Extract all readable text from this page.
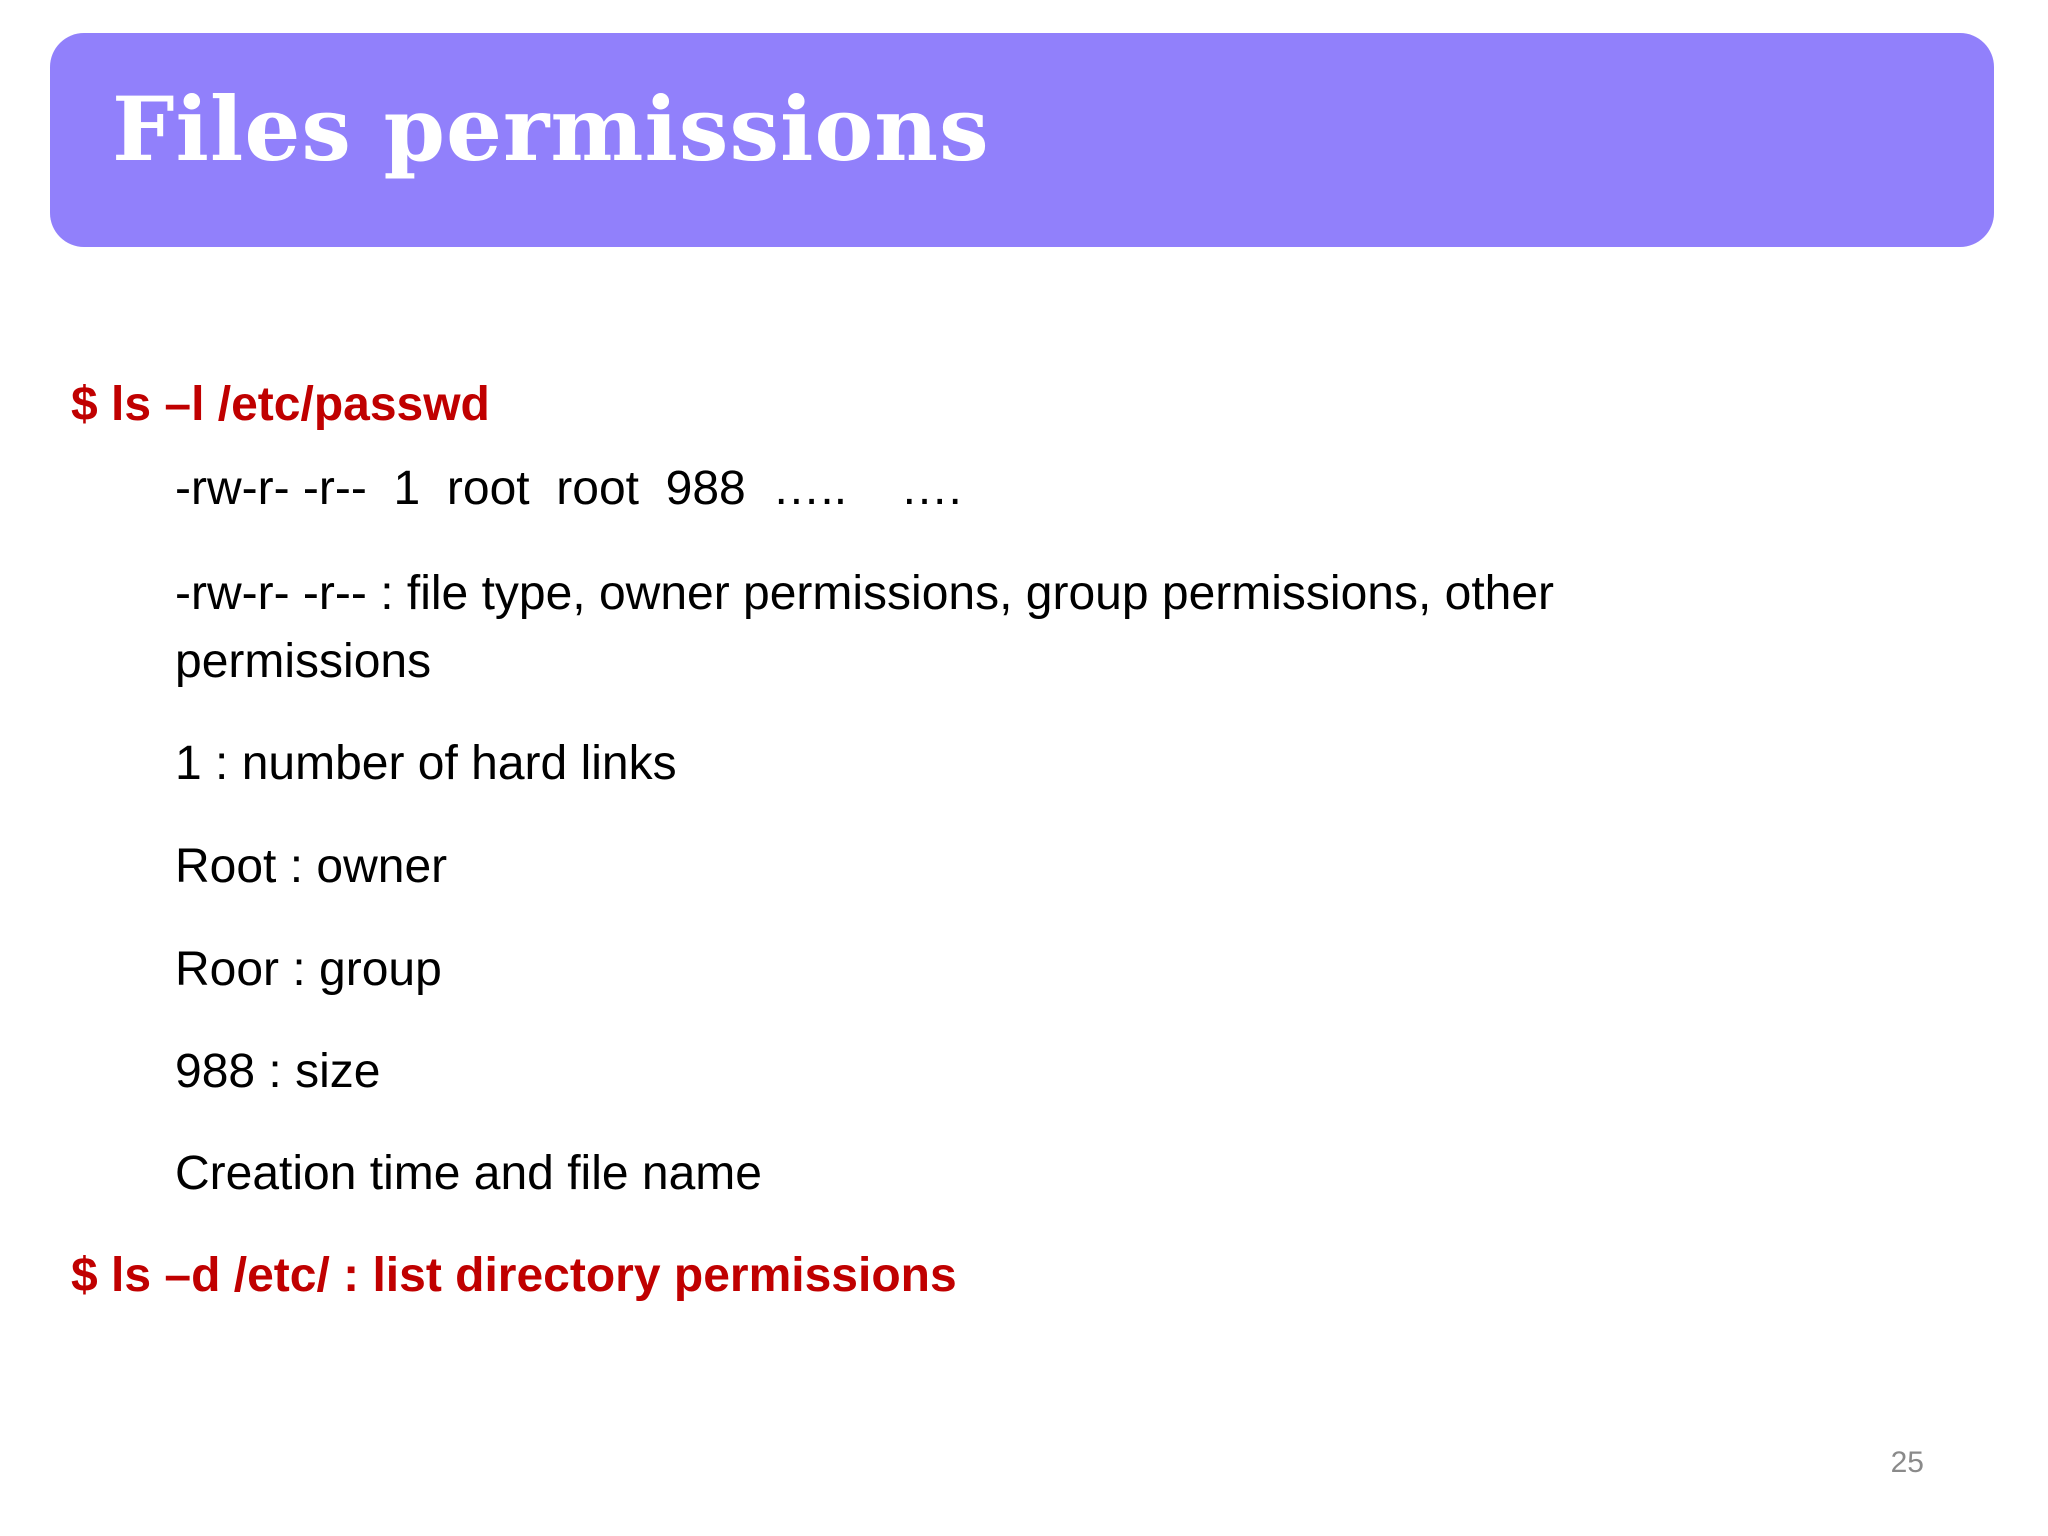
Files permissions

$ ls –l /etc/passwd

-rw-r- -r--  1  root  root  988  …..    ….

-rw-r- -r-- : file type, owner permissions, group permissions, other permissions

1 : number of hard links

Root : owner

Roor : group

988 : size

Creation time and file name

$ ls –d /etc/ : list directory permissions

25
